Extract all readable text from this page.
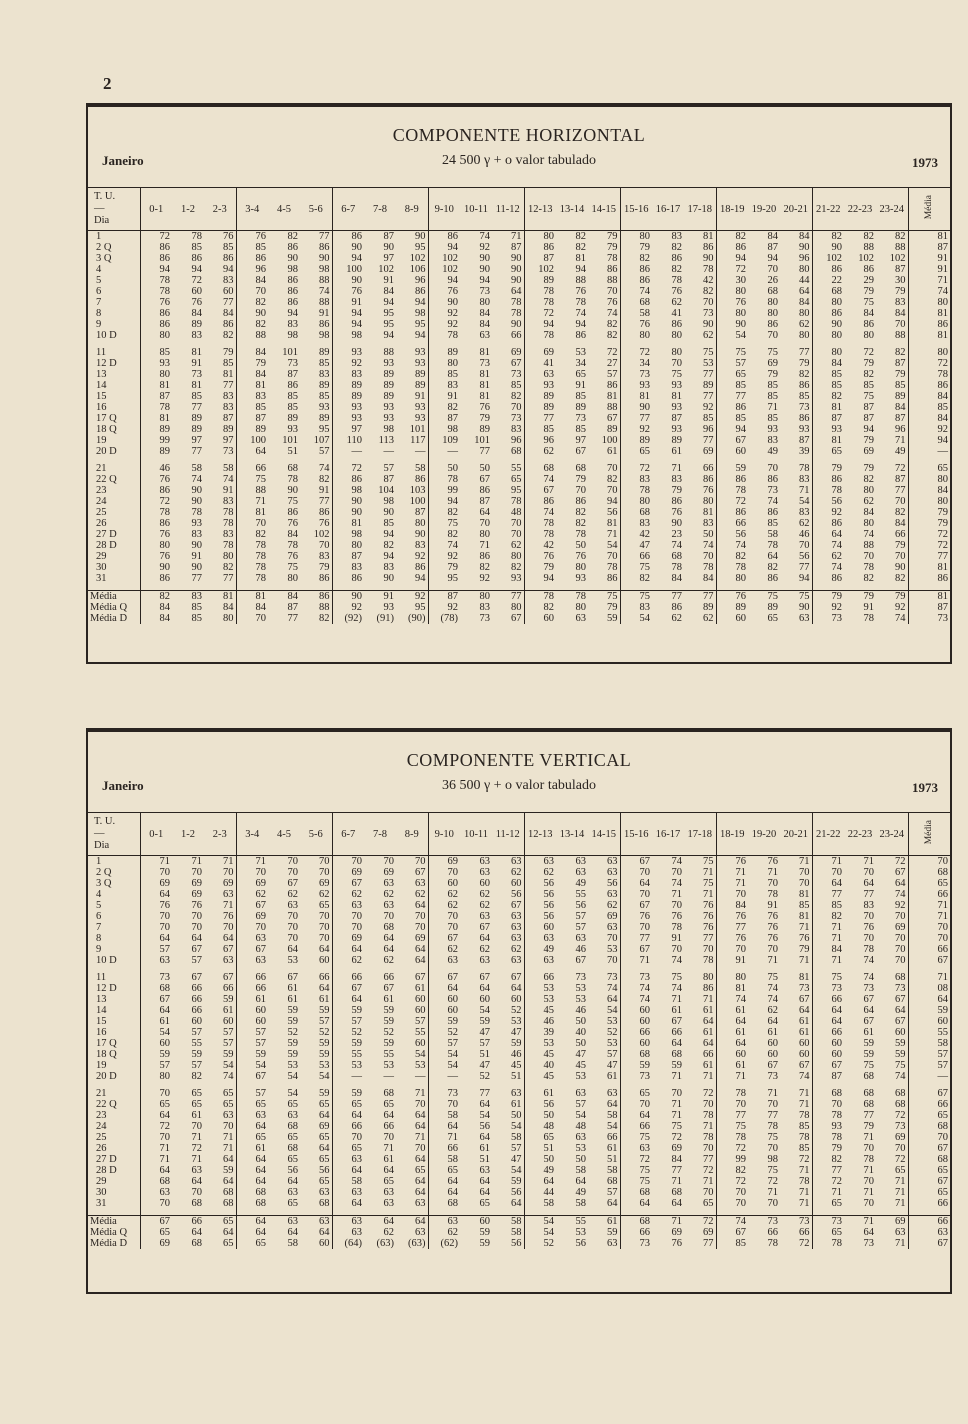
2
COMPONENTE HORIZONTAL
Janeiro	24 500 γ + o valor tabulado	1973
T. U.
—
Dia	0-1	1-2	2-3	3-4	4-5	5-6	6-7	7-8	8-9	9-10	10-11	11-12	12-13	13-14	14-15	15-16	16-17	17-18	18-19	19-20	20-21	21-22	22-23	23-24	Média
1	72	78	76	76	82	77	86	87	90	86	74	71	80	82	79	80	83	81	82	84	84	82	82	82	81
2 Q	86	85	85	85	86	86	90	90	95	94	92	87	86	82	79	79	82	86	86	87	90	90	88	88	87
3 Q	86	86	86	86	90	90	94	97	102	102	90	90	87	81	78	82	86	90	94	94	96	102	102	102	91
4	94	94	94	96	98	98	100	102	106	102	90	90	102	94	86	86	82	78	72	70	80	86	86	87	91
5	78	72	83	84	86	88	90	91	96	94	94	90	89	88	88	86	78	42	30	26	44	22	29	30	71
6	78	60	60	70	86	74	76	84	86	76	73	64	78	76	70	74	76	82	80	68	64	68	79	79	74
7	76	76	77	82	86	88	91	94	94	90	80	78	78	78	76	68	62	70	76	80	84	80	75	83	80
8	86	84	84	90	94	91	94	95	98	92	84	78	72	74	74	58	41	73	80	80	80	86	84	84	81
9	86	89	86	82	83	86	94	95	95	92	84	90	94	94	82	76	86	90	90	86	62	90	86	70	86
10 D	80	83	82	88	98	98	98	94	94	78	63	66	78	86	82	80	80	62	54	70	80	80	80	88	81

11	85	81	79	84	101	89	93	88	93	89	81	69	69	53	72	72	80	75	75	75	77	80	72	82	80
12 D	93	91	85	79	73	85	92	93	93	80	73	67	41	34	27	34	70	53	57	69	79	84	79	87	72
13	80	73	81	84	87	83	83	89	89	85	81	73	63	65	57	73	75	77	65	79	82	85	82	79	78
14	81	81	77	81	86	89	89	89	89	83	81	85	93	91	86	93	93	89	85	85	86	85	85	85	86
15	87	85	83	83	85	85	89	89	91	91	81	82	89	85	81	81	81	77	77	85	85	82	75	89	84
16	78	77	83	85	85	93	93	93	93	82	76	70	89	89	88	90	93	92	86	71	73	81	87	84	85
17 Q	81	89	87	87	89	89	93	93	93	87	79	73	77	73	67	77	87	85	85	85	86	87	87	87	84
18 Q	89	89	89	89	93	95	97	98	101	98	89	83	85	85	89	92	93	96	94	93	93	93	94	96	92
19	99	97	97	100	101	107	110	113	117	109	101	96	96	97	100	89	89	77	67	83	87	81	79	71	94
20 D	89	77	73	64	51	57	—	—	—	—	77	68	62	67	61	65	61	69	60	49	39	65	69	49	—

21	46	58	58	66	68	74	72	57	58	50	50	55	68	68	70	72	71	66	59	70	78	79	79	72	65
22 Q	76	74	74	75	78	82	86	87	86	78	67	65	74	79	82	83	83	86	86	86	83	86	82	87	80
23	86	90	91	88	90	91	98	104	103	99	86	95	67	70	70	78	79	76	78	73	71	78	80	77	84
24	72	90	83	71	75	77	90	98	100	94	87	78	86	86	94	80	86	80	72	74	54	56	62	70	80
25	78	78	78	81	86	86	90	90	87	82	64	48	74	82	56	68	76	81	86	86	83	92	84	82	79
26	86	93	78	70	76	76	81	85	80	75	70	70	78	82	81	83	90	83	66	85	62	86	80	84	79
27 D	76	83	83	82	84	102	98	94	90	82	80	70	78	78	71	42	23	50	56	58	46	64	74	66	72
28 D	80	90	78	78	78	70	80	82	83	74	71	62	42	50	54	47	74	74	74	78	70	74	88	79	72
29	76	91	80	78	76	83	87	94	92	92	86	80	76	76	70	66	68	70	82	64	56	62	70	70	77
30	90	90	82	78	75	79	83	83	86	79	82	82	79	80	78	75	78	78	78	82	77	74	78	90	81
31	86	77	77	78	80	86	86	90	94	95	92	93	94	93	86	82	84	84	80	86	94	86	82	82	86

Média	82	83	81	81	84	86	90	91	92	87	80	77	78	78	75	75	77	77	76	75	75	79	79	79	81
Média Q	84	85	84	84	87	88	92	93	95	92	83	80	82	80	79	83	86	89	89	89	90	92	91	92	87
Média D	84	85	80	70	77	82	(92)	(91)	(90)	(78)	73	67	60	63	59	54	62	62	60	65	63	73	78	74	73
COMPONENTE VERTICAL
Janeiro	36 500 γ + o valor tabulado	1973
T. U.
—
Dia	0-1	1-2	2-3	3-4	4-5	5-6	6-7	7-8	8-9	9-10	10-11	11-12	12-13	13-14	14-15	15-16	16-17	17-18	18-19	19-20	20-21	21-22	22-23	23-24	Média
1	71	71	71	71	70	70	70	70	70	69	63	63	63	63	63	67	74	75	76	76	71	71	71	72	70
2 Q	70	70	70	70	70	70	69	69	67	70	63	62	62	63	63	70	70	71	71	71	70	70	70	67	68
3 Q	69	69	69	69	67	69	67	63	63	60	60	60	56	49	56	64	74	75	71	70	70	64	64	64	65
4	64	69	63	62	62	62	62	62	62	62	62	56	56	55	63	70	71	71	70	78	81	77	77	74	66
5	76	76	71	67	63	65	63	63	64	62	62	67	56	56	62	67	70	76	84	91	85	85	83	92	71
6	70	70	76	69	70	70	70	70	70	70	63	63	56	57	69	76	76	76	76	76	81	82	70	70	71
7	70	70	70	70	70	70	70	68	70	70	67	63	60	57	63	70	78	76	77	76	71	71	76	69	70
8	64	64	64	63	70	70	69	64	69	67	64	63	63	63	70	77	91	77	76	76	76	71	70	70	70
9	57	67	67	67	64	64	64	64	64	62	62	62	49	46	53	67	70	70	70	70	79	84	78	70	66
10 D	63	57	63	63	53	60	62	62	64	63	63	63	63	67	70	71	74	78	91	71	71	71	74	70	67

11	73	67	67	66	67	66	66	66	67	67	67	67	66	73	73	73	75	80	80	75	81	75	74	68	71
12 D	68	66	66	66	61	64	67	67	61	64	64	64	53	53	74	74	74	86	81	74	73	73	73	73	08
13	67	66	59	61	61	61	64	61	60	60	60	60	53	53	64	74	71	71	74	74	67	66	67	67	64
14	64	66	61	60	59	59	59	59	60	60	54	52	45	46	54	60	61	61	61	62	64	64	64	64	59
15	61	60	60	60	59	57	57	59	57	59	59	53	46	50	53	60	67	64	64	64	61	64	67	67	60
16	54	57	57	57	52	52	52	52	55	52	47	47	39	40	52	66	66	61	61	61	61	66	61	60	55
17 Q	60	55	57	57	59	59	59	59	60	57	57	59	53	50	53	60	64	64	64	60	60	60	59	59	58
18 Q	59	59	59	59	59	59	55	55	54	54	51	46	45	47	57	68	68	66	60	60	60	60	59	59	57
19	57	57	54	54	53	53	53	53	53	54	47	45	40	45	47	59	59	61	61	67	67	67	75	75	57
20 D	80	82	74	67	54	54	—	—	—	—	52	51	45	53	61	73	71	71	71	73	74	87	68	74	—

21	70	65	65	57	54	59	59	68	71	73	77	63	61	63	63	65	70	72	78	71	71	68	68	68	67
22 Q	65	65	65	65	65	65	65	65	70	70	64	61	56	57	64	70	71	70	70	70	71	70	68	68	66
23	64	61	63	63	63	64	64	64	64	58	54	50	50	54	58	64	71	78	77	77	78	78	77	72	65
24	72	70	70	64	68	69	66	66	64	64	56	54	48	48	54	66	75	71	75	78	85	93	79	73	68
25	70	71	71	65	65	65	70	70	71	71	64	58	65	63	66	75	72	78	78	75	78	78	71	69	70
26	71	72	71	61	68	64	65	71	70	66	61	57	51	53	61	63	69	70	72	70	85	79	70	70	67
27 D	71	71	64	64	65	65	63	61	64	58	51	47	50	50	51	72	84	77	99	98	72	82	78	72	68
28 D	64	63	59	64	56	56	64	64	65	65	63	54	49	58	58	75	77	72	82	75	71	77	71	65	65
29	68	64	64	64	64	65	58	65	64	64	64	59	64	64	68	75	71	71	72	72	78	72	70	71	67
30	63	70	68	68	63	63	63	63	64	64	64	56	44	49	57	68	68	70	70	71	71	71	71	71	65
31	70	68	68	68	65	68	64	63	63	68	65	64	58	58	64	64	64	65	70	70	71	65	70	71	66

Média	67	66	65	64	63	63	63	64	64	63	60	58	54	55	61	68	71	72	74	73	73	73	71	69	66
Média Q	65	64	64	64	64	64	63	62	63	62	59	58	54	53	59	66	69	69	67	66	66	65	64	63	63
Média D	69	68	65	65	58	60	(64)	(63)	(63)	(62)	59	56	52	56	63	73	76	77	85	78	72	78	73	71	67
